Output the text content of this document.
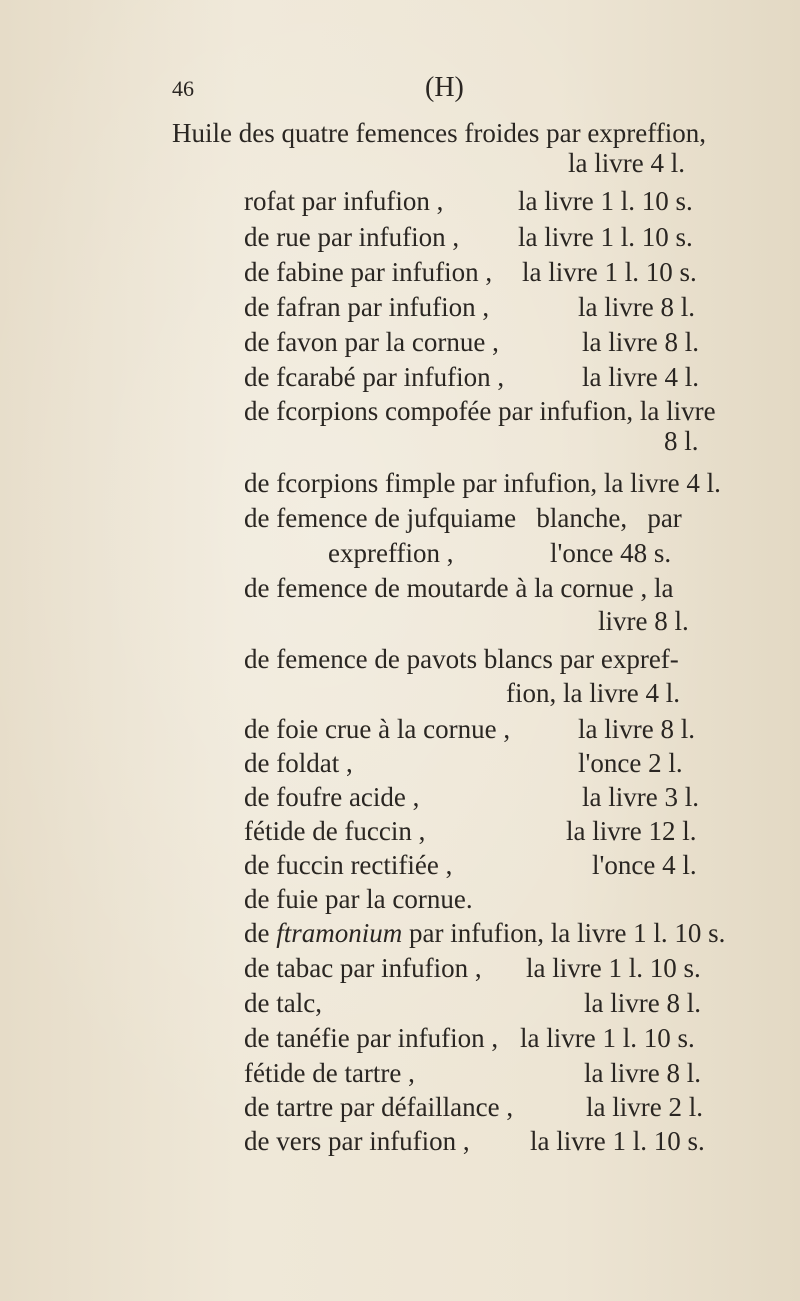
46	(H)
Huile des quatre femences froides par expreffion,
la livre 4 l.
rofat par infufion ,	la livre 1 l. 10 s.
de rue par infufion , la livre 1 l. 10 s.
de fabine par infufion , la livre 1 l. 10 s.
de fafran par infufion ,	la livre 8 l.
de favon par la cornue ,	la livre 8 l.
de fcarabé par infufion ,	la livre 4 l.
de fcorpions compofée par infufion, la livre
8 l.
de fcorpions fimple par infufion, la livre 4 l.
de femence de jufquiame   blanche,   par
expreffion ,	l'once 48 s.
de femence de moutarde à la cornue , la
livre 8 l.
de femence de pavots blancs par expref-
fion, la livre 4 l.
de foie crue à la cornue ,	la livre 8 l.
de foldat ,	l'once 2 l.
de foufre acide ,	la livre 3 l.
fétide de fuccin ,	la livre 12 l.
de fuccin rectifiée ,	l'once 4 l.
de fuie par la cornue.
de ftramonium par infufion, la livre 1 l. 10 s.
de tabac par infufion , la livre 1 l. 10 s.
de talc,	la livre 8 l.
de tanéfie par infufion , la livre 1 l. 10 s.
fétide de tartre ,	la livre 8 l.
de tartre par défaillance ,	la livre 2 l.
de vers par infufion , la livre 1 l. 10 s.
